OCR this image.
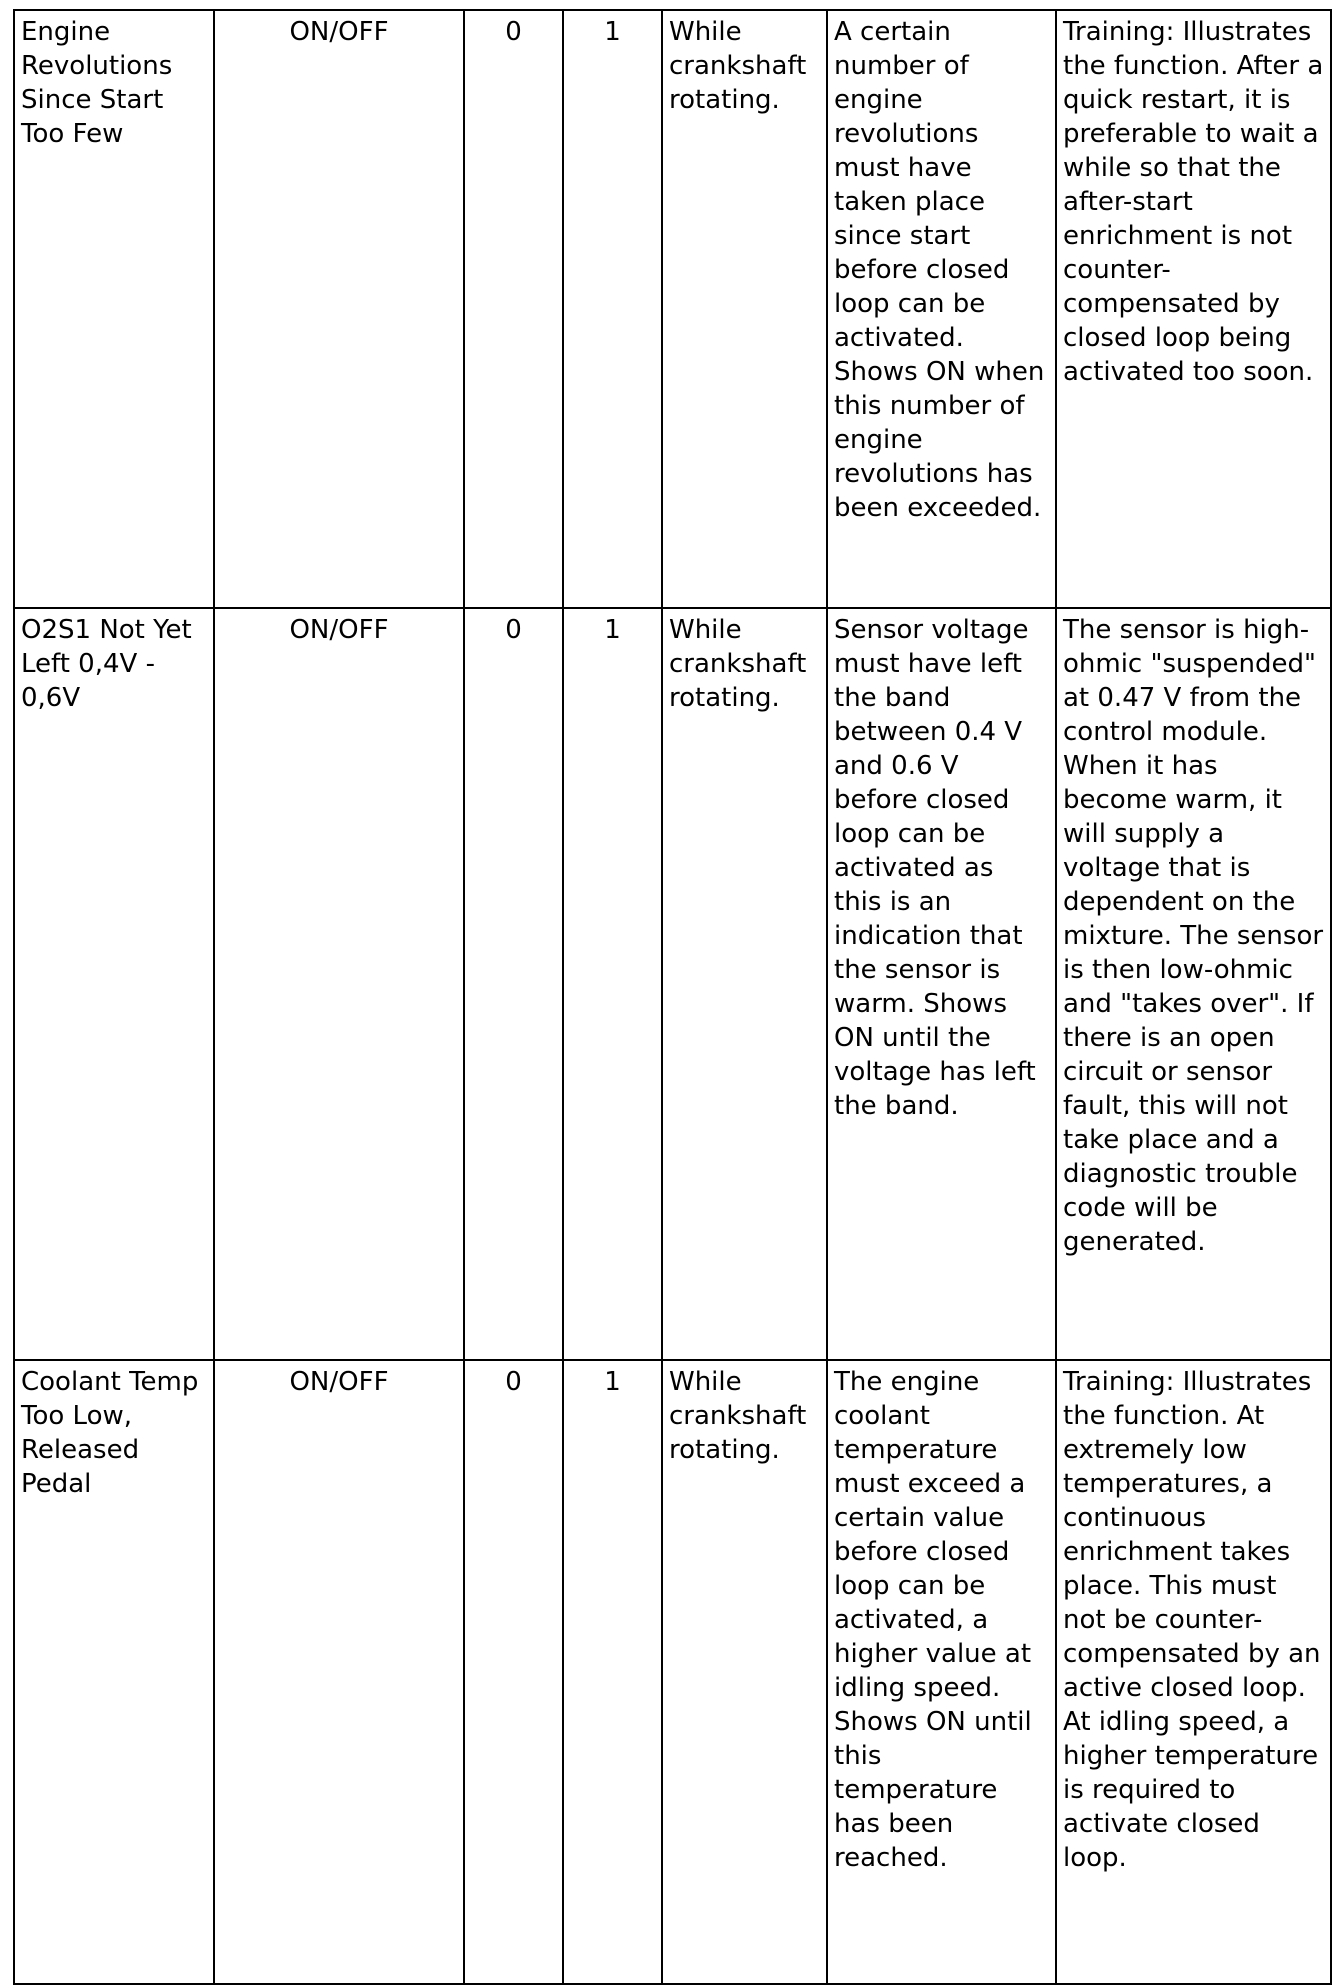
Engine Revolutions Since Start Too Few	ON/OFF	0	1	While crankshaft rotating.	A certain number of engine revolutions must have taken place since start before closed loop can be activated. Shows ON when this number of engine revolutions has been exceeded.	Training: Illustrates the function. After a quick restart, it is preferable to wait a while so that the after-start enrichment is not counter-compensated by closed loop being activated too soon.
O2S1 Not Yet Left 0,4V - 0,6V	ON/OFF	0	1	While crankshaft rotating.	Sensor voltage must have left the band between 0.4 V and 0.6 V before closed loop can be activated as this is an indication that the sensor is warm. Shows ON until the voltage has left the band.	The sensor is high-ohmic "suspended" at 0.47 V from the control module. When it has become warm, it will supply a voltage that is dependent on the mixture. The sensor is then low-ohmic and "takes over". If there is an open circuit or sensor fault, this will not take place and a diagnostic trouble code will be generated.
Coolant Temp Too Low, Released Pedal	ON/OFF	0	1	While crankshaft rotating.	The engine coolant temperature must exceed a certain value before closed loop can be activated, a higher value at idling speed. Shows ON until this temperature has been reached.	Training: Illustrates the function. At extremely low temperatures, a continuous enrichment takes place. This must not be counter-compensated by an active closed loop. At idling speed, a higher temperature is required to activate closed loop.
